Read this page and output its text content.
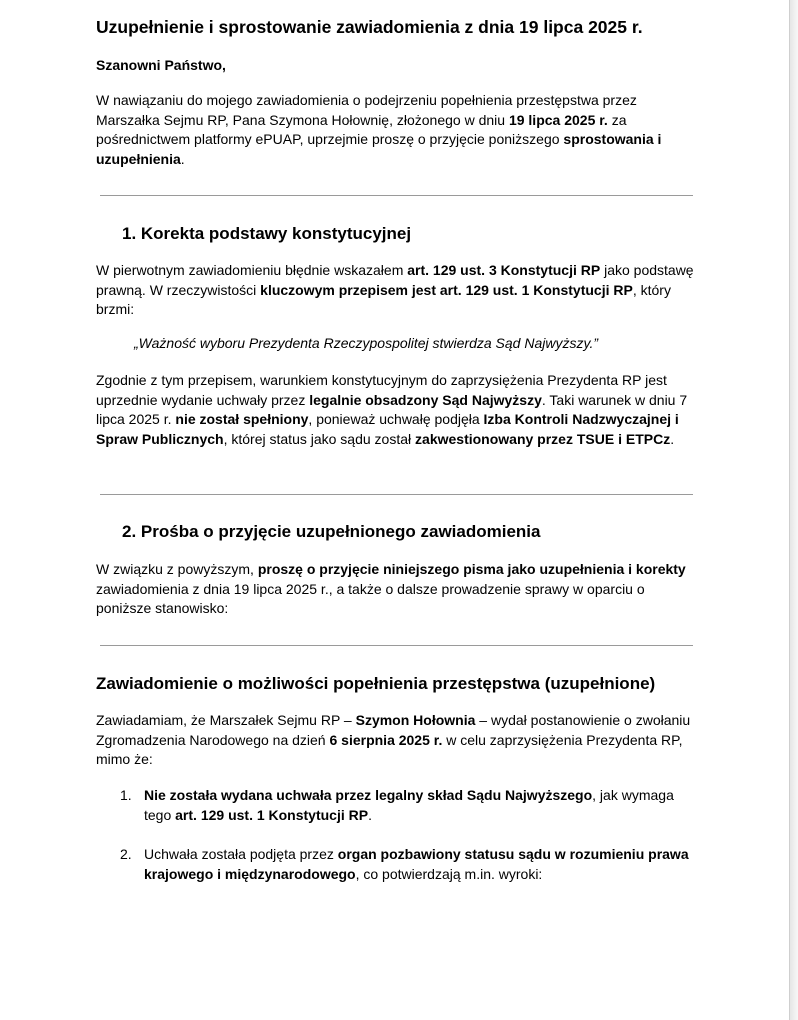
Uzupełnienie i sprostowanie zawiadomienia z dnia 19 lipca 2025 r.
Szanowni Państwo,
W nawiązaniu do mojego zawiadomienia o podejrzeniu popełnienia przestępstwa przez Marszałka Sejmu RP, Pana Szymona Hołownię, złożonego w dniu 19 lipca 2025 r. za pośrednictwem platformy ePUAP, uprzejmie proszę o przyjęcie poniższego sprostowania i uzupełnienia.
1. Korekta podstawy konstytucyjnej
W pierwotnym zawiadomieniu błędnie wskazałem art. 129 ust. 3 Konstytucji RP jako podstawę prawną. W rzeczywistości kluczowym przepisem jest art. 129 ust. 1 Konstytucji RP, który brzmi:
„Ważność wyboru Prezydenta Rzeczypospolitej stwierdza Sąd Najwyższy.”
Zgodnie z tym przepisem, warunkiem konstytucyjnym do zaprzysiężenia Prezydenta RP jest uprzednie wydanie uchwały przez legalnie obsadzony Sąd Najwyższy. Taki warunek w dniu 7 lipca 2025 r. nie został spełniony, ponieważ uchwałę podjęła Izba Kontroli Nadzwyczajnej i Spraw Publicznych, której status jako sądu został zakwestionowany przez TSUE i ETPCz.
2. Prośba o przyjęcie uzupełnionego zawiadomienia
W związku z powyższym, proszę o przyjęcie niniejszego pisma jako uzupełnienia i korekty zawiadomienia z dnia 19 lipca 2025 r., a także o dalsze prowadzenie sprawy w oparciu o poniższe stanowisko:
Zawiadomienie o możliwości popełnienia przestępstwa (uzupełnione)
Zawiadamiam, że Marszałek Sejmu RP – Szymon Hołownia – wydał postanowienie o zwołaniu Zgromadzenia Narodowego na dzień 6 sierpnia 2025 r. w celu zaprzysiężenia Prezydenta RP, mimo że:
1. Nie została wydana uchwała przez legalny skład Sądu Najwyższego, jak wymaga tego art. 129 ust. 1 Konstytucji RP.
2. Uchwała została podjęta przez organ pozbawiony statusu sądu w rozumieniu prawa krajowego i międzynarodowego, co potwierdzają m.in. wyroki:
